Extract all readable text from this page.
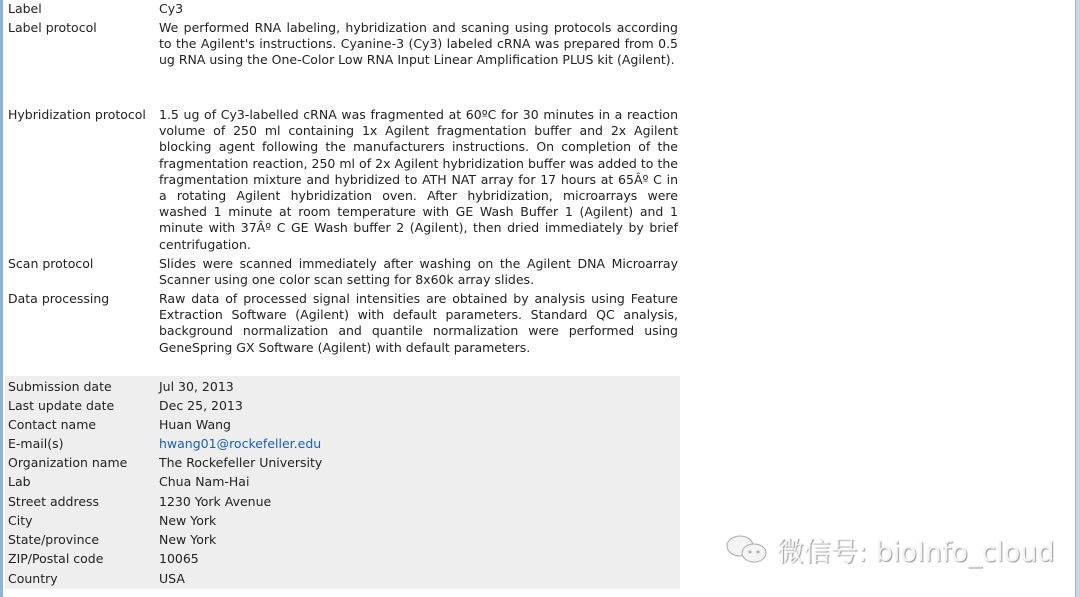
Label	Cy3
Label protocol	We performed RNA labeling, hybridization and scaning using protocols according to the Agilent's instructions. Cyanine-3 (Cy3) labeled cRNA was prepared from 0.5 ug RNA using the One-Color Low RNA Input Linear Amplification PLUS kit (Agilent).
Hybridization protocol	1.5 ug of Cy3-labelled cRNA was fragmented at 60ºC for 30 minutes in a reaction volume of 250 ml containing 1x Agilent fragmentation buffer and 2x Agilent blocking agent following the manufacturers instructions. On completion of the fragmentation reaction, 250 ml of 2x Agilent hybridization buffer was added to the fragmentation mixture and hybridized to ATH NAT array for 17 hours at 65Âº C in a rotating Agilent hybridization oven. After hybridization, microarrays were washed 1 minute at room temperature with GE Wash Buffer 1 (Agilent) and 1 minute with 37Âº C GE Wash buffer 2 (Agilent), then dried immediately by brief centrifugation.
Scan protocol	Slides were scanned immediately after washing on the Agilent DNA Microarray Scanner using one color scan setting for 8x60k array slides.
Data processing	Raw data of processed signal intensities are obtained by analysis using Feature Extraction Software (Agilent) with default parameters. Standard QC analysis, background normalization and quantile normalization were performed using GeneSpring GX Software (Agilent) with default parameters.
Submission date	Jul 30, 2013
Last update date	Dec 25, 2013
Contact name	Huan Wang
E-mail(s)	hwang01@rockefeller.edu
Organization name	The Rockefeller University
Lab	Chua Nam-Hai
Street address	1230 York Avenue
City	New York
State/province	New York
ZIP/Postal code	10065
Country	USA
微信号: bioInfo_cloud
